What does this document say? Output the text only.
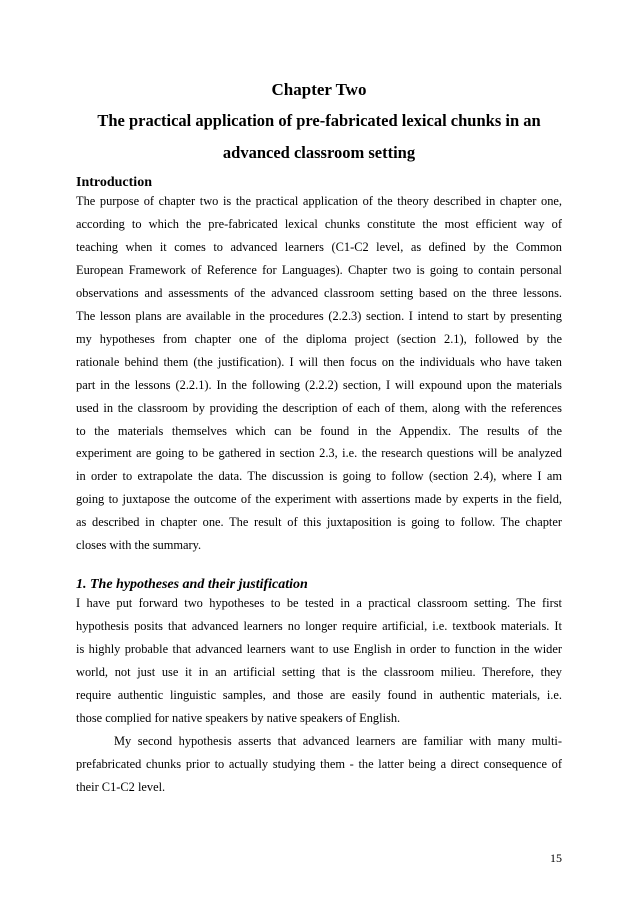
Chapter Two
The practical application of pre-fabricated lexical chunks in an
advanced classroom setting
Introduction
The purpose of chapter two is the practical application of the theory described in chapter one,
according to which the pre-fabricated lexical chunks constitute the most efficient way of
teaching when it comes to advanced learners (C1-C2 level, as defined by the Common
European Framework of Reference for Languages). Chapter two is going to contain personal
observations and assessments of the advanced classroom setting based on the three lessons.
The lesson plans are available in the procedures (2.2.3) section. I intend to start by presenting
my hypotheses from chapter one of the diploma project (section 2.1), followed by the
rationale behind them (the justification). I will then focus on the individuals who have taken
part in the lessons (2.2.1). In the following (2.2.2) section, I will expound upon the materials
used in the classroom by providing the description of each of them, along with the references
to the materials themselves which can be found in the Appendix. The results of the
experiment are going to be gathered in section 2.3, i.e. the research questions will be analyzed
in order to extrapolate the data. The discussion is going to follow (section 2.4), where I am
going to juxtapose the outcome of the experiment with assertions made by experts in the field,
as described in chapter one. The result of this juxtaposition is going to follow. The chapter
closes with the summary.
1. The hypotheses and their justification
I have put forward two hypotheses to be tested in a practical classroom setting. The first
hypothesis posits that advanced learners no longer require artificial, i.e. textbook materials. It
is highly probable that advanced learners want to use English in order to function in the wider
world, not just use it in an artificial setting that is the classroom milieu. Therefore, they
require authentic linguistic samples, and those are easily found in authentic materials, i.e.
those complied for native speakers by native speakers of English.
My second hypothesis asserts that advanced learners are familiar with many multi-
prefabricated chunks prior to actually studying them - the latter being a direct consequence of
their C1-C2 level.
15
